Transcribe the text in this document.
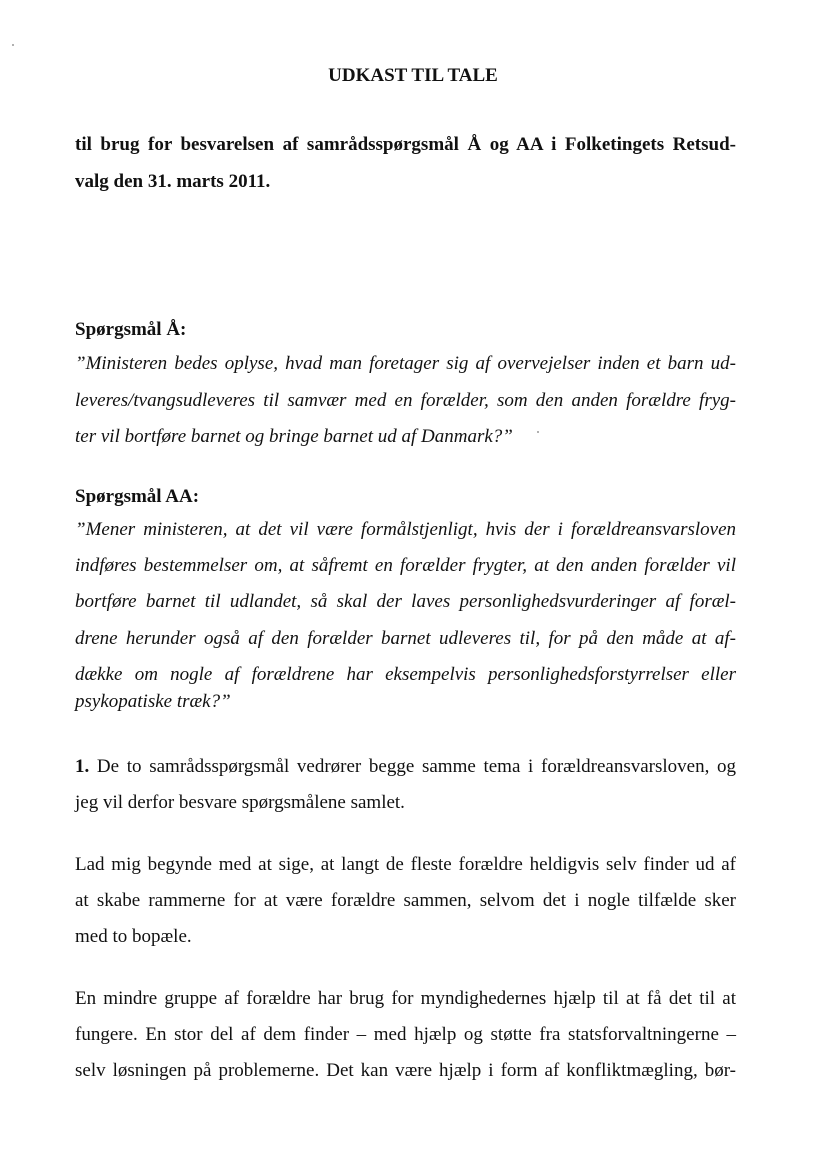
UDKAST TIL TALE
til brug for besvarelsen af samrådsspørgsmål Å og AA i Folketingets Retsud-
valg den 31. marts 2011.
Spørgsmål Å:
”Ministeren bedes oplyse, hvad man foretager sig af overvejelser inden et barn ud-
leveres/tvangsudleveres til samvær med en forælder, som den anden forældre fryg-
ter vil bortføre barnet og bringe barnet ud af Danmark?”
Spørgsmål AA:
”Mener ministeren, at det vil være formålstjenligt, hvis der i forældreansvarsloven
indføres bestemmelser om, at såfremt en forælder frygter, at den anden forælder vil
bortføre barnet til udlandet, så skal der laves personlighedsvurderinger af foræl-
drene herunder også af den forælder barnet udleveres til, for på den måde at af-
dække om nogle af forældrene har eksempelvis personlighedsforstyrrelser eller
psykopatiske træk?”
1. De to samrådsspørgsmål vedrører begge samme tema i forældreansvarsloven, og
jeg vil derfor besvare spørgsmålene samlet.
Lad mig begynde med at sige, at langt de fleste forældre heldigvis selv finder ud af
at skabe rammerne for at være forældre sammen, selvom det i nogle tilfælde sker
med to bopæle.
En mindre gruppe af forældre har brug for myndighedernes hjælp til at få det til at
fungere. En stor del af dem finder – med hjælp og støtte fra statsforvaltningerne –
selv løsningen på problemerne. Det kan være hjælp i form af konfliktmægling, bør-
